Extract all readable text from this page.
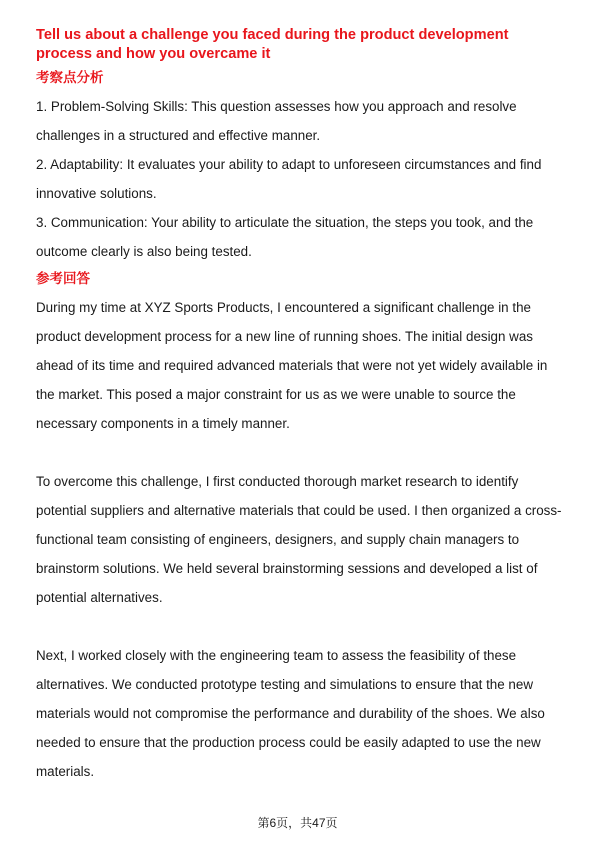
Tell us about a challenge you faced during the product development process and how you overcame it
考察点分析

1. Problem-Solving Skills: This question assesses how you approach and resolve challenges in a structured and effective manner.

2. Adaptability: It evaluates your ability to adapt to unforeseen circumstances and find innovative solutions.

3. Communication: Your ability to articulate the situation, the steps you took, and the outcome clearly is also being tested.

参考回答

During my time at XYZ Sports Products, I encountered a significant challenge in the product development process for a new line of running shoes. The initial design was ahead of its time and required advanced materials that were not yet widely available in the market. This posed a major constraint for us as we were unable to source the necessary components in a timely manner.

To overcome this challenge, I first conducted thorough market research to identify potential suppliers and alternative materials that could be used. I then organized a cross-functional team consisting of engineers, designers, and supply chain managers to brainstorm solutions. We held several brainstorming sessions and developed a list of potential alternatives.

Next, I worked closely with the engineering team to assess the feasibility of these alternatives. We conducted prototype testing and simulations to ensure that the new materials would not compromise the performance and durability of the shoes. We also needed to ensure that the production process could be easily adapted to use the new materials.

第6页，共47页
